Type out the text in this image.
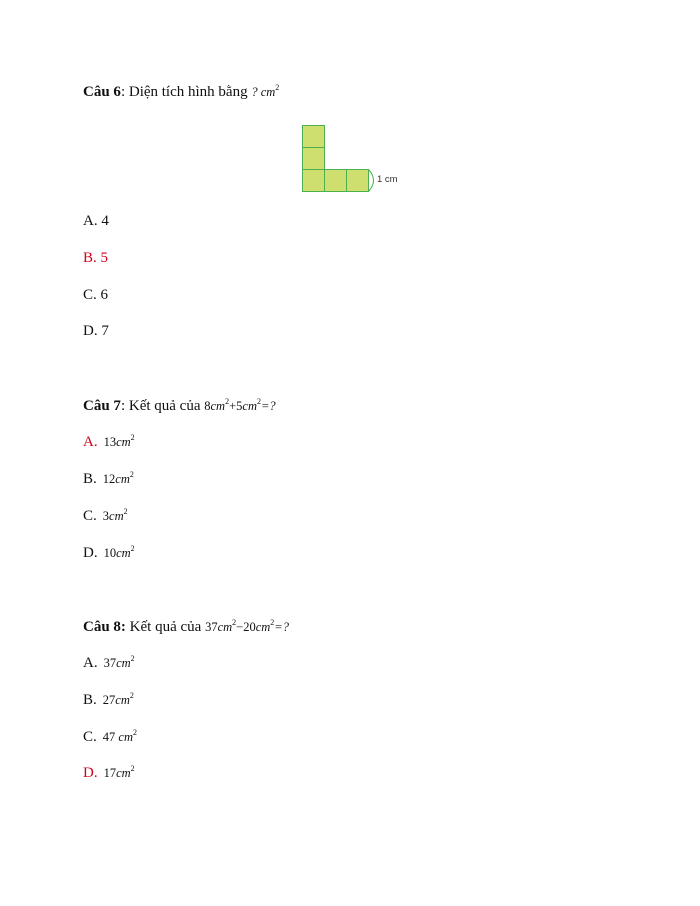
Câu 6: Diện tích hình bằng ? $cm^2$
1 cm
A. 4
B. 5
C. 6
D. 7
Câu 7: Kết quả của $8cm^2+5cm^2=$?
A. $13cm^2$
B. $12cm^2$
C. $3cm^2$
D. $10cm^2$
Câu 8: Kết quả của $37cm^2-20cm^2=$?
A. $37cm^2$
B. $27cm^2$
C. 47 $cm^2$
D. $17cm^2$
